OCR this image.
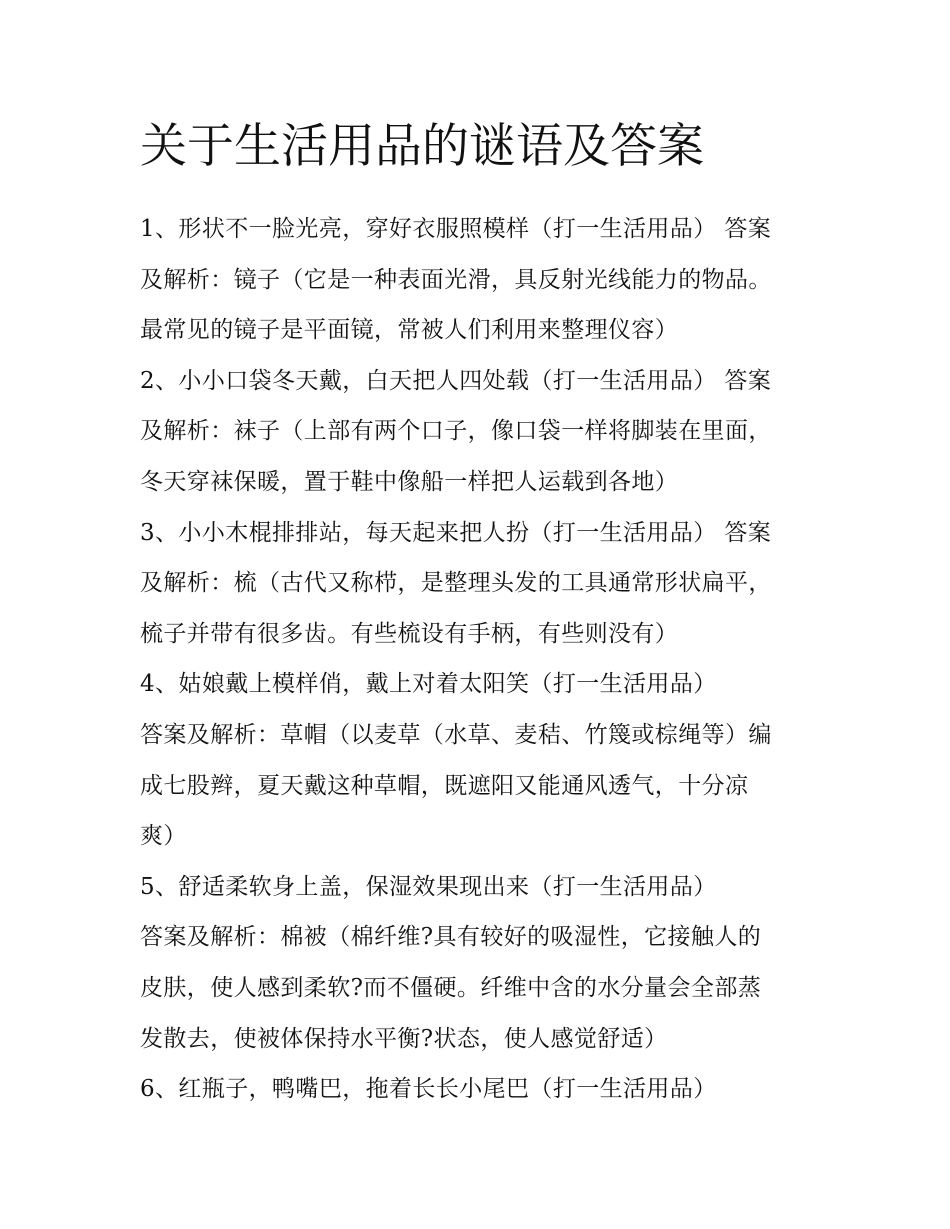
关于生活用品的谜语及答案
1、形状不一脸光亮，穿好衣服照模样（打一生活用品） 答案
及解析：镜子（它是一种表面光滑，具反射光线能力的物品。
最常见的镜子是平面镜，常被人们利用来整理仪容）
2、小小口袋冬天戴，白天把人四处载（打一生活用品） 答案
及解析：袜子（上部有两个口子，像口袋一样将脚装在里面，
冬天穿袜保暖，置于鞋中像船一样把人运载到各地）
3、小小木棍排排站，每天起来把人扮（打一生活用品） 答案
及解析：梳（古代又称栉，是整理头发的工具通常形状扁平，
梳子并带有很多齿。有些梳设有手柄，有些则没有）
4、姑娘戴上模样俏，戴上对着太阳笑（打一生活用品）
答案及解析：草帽（以麦草（水草、麦秸、竹篾或棕绳等）编
成七股辫，夏天戴这种草帽，既遮阳又能通风透气，十分凉
爽）
5、舒适柔软身上盖，保湿效果现出来（打一生活用品）
答案及解析：棉被（棉纤维?具有较好的吸湿性，它接触人的
皮肤，使人感到柔软?而不僵硬。纤维中含的水分量会全部蒸
发散去，使被体保持水平衡?状态，使人感觉舒适）
6、红瓶子，鸭嘴巴，拖着长长小尾巴（打一生活用品）
